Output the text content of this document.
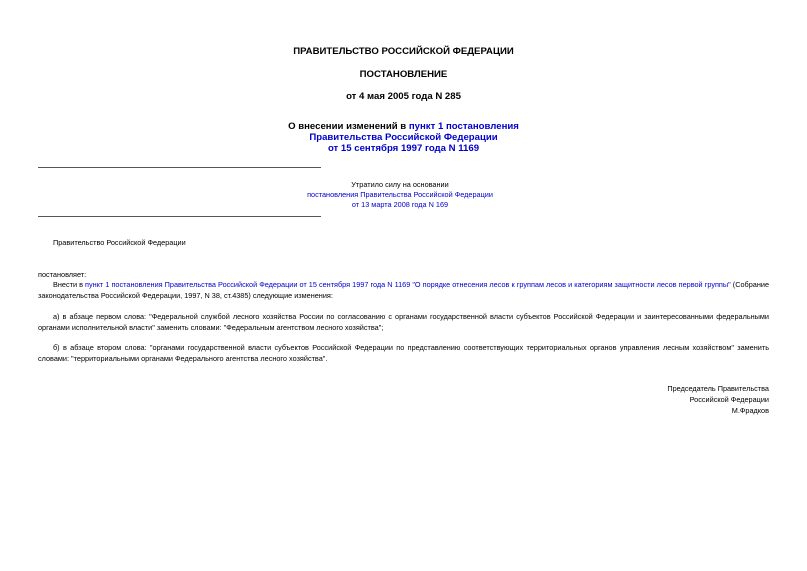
ПРАВИТЕЛЬСТВО РОССИЙСКОЙ ФЕДЕРАЦИИ
ПОСТАНОВЛЕНИЕ
от 4 мая 2005 года N 285
О внесении изменений в пункт 1 постановления
Правительства Российской Федерации
от 15 сентября 1997 года N 1169
Утратило силу на основании
постановления Правительства Российской Федерации
от 13 марта 2008 года N 169
Правительство Российской Федерации
постановляет:
Внести в пункт 1 постановления Правительства Российской Федерации от 15 сентября 1997 года N 1169 "О порядке отнесения лесов к группам лесов и категориям защитности лесов первой группы" (Собрание законодательства Российской Федерации, 1997, N 38, ст.4385) следующие изменения:
а) в абзаце первом слова: "Федеральной службой лесного хозяйства России по согласованию с органами государственной власти субъектов Российской Федерации и заинтересованными федеральными органами исполнительной власти" заменить словами: "Федеральным агентством лесного хозяйства";
б) в абзаце втором слова: "органами государственной власти субъектов Российской Федерации по представлению соответствующих территориальных органов управления лесным хозяйством" заменить словами: "территориальными органами Федерального агентства лесного хозяйства".
Председатель Правительства
Российской Федерации
М.Фрадков
